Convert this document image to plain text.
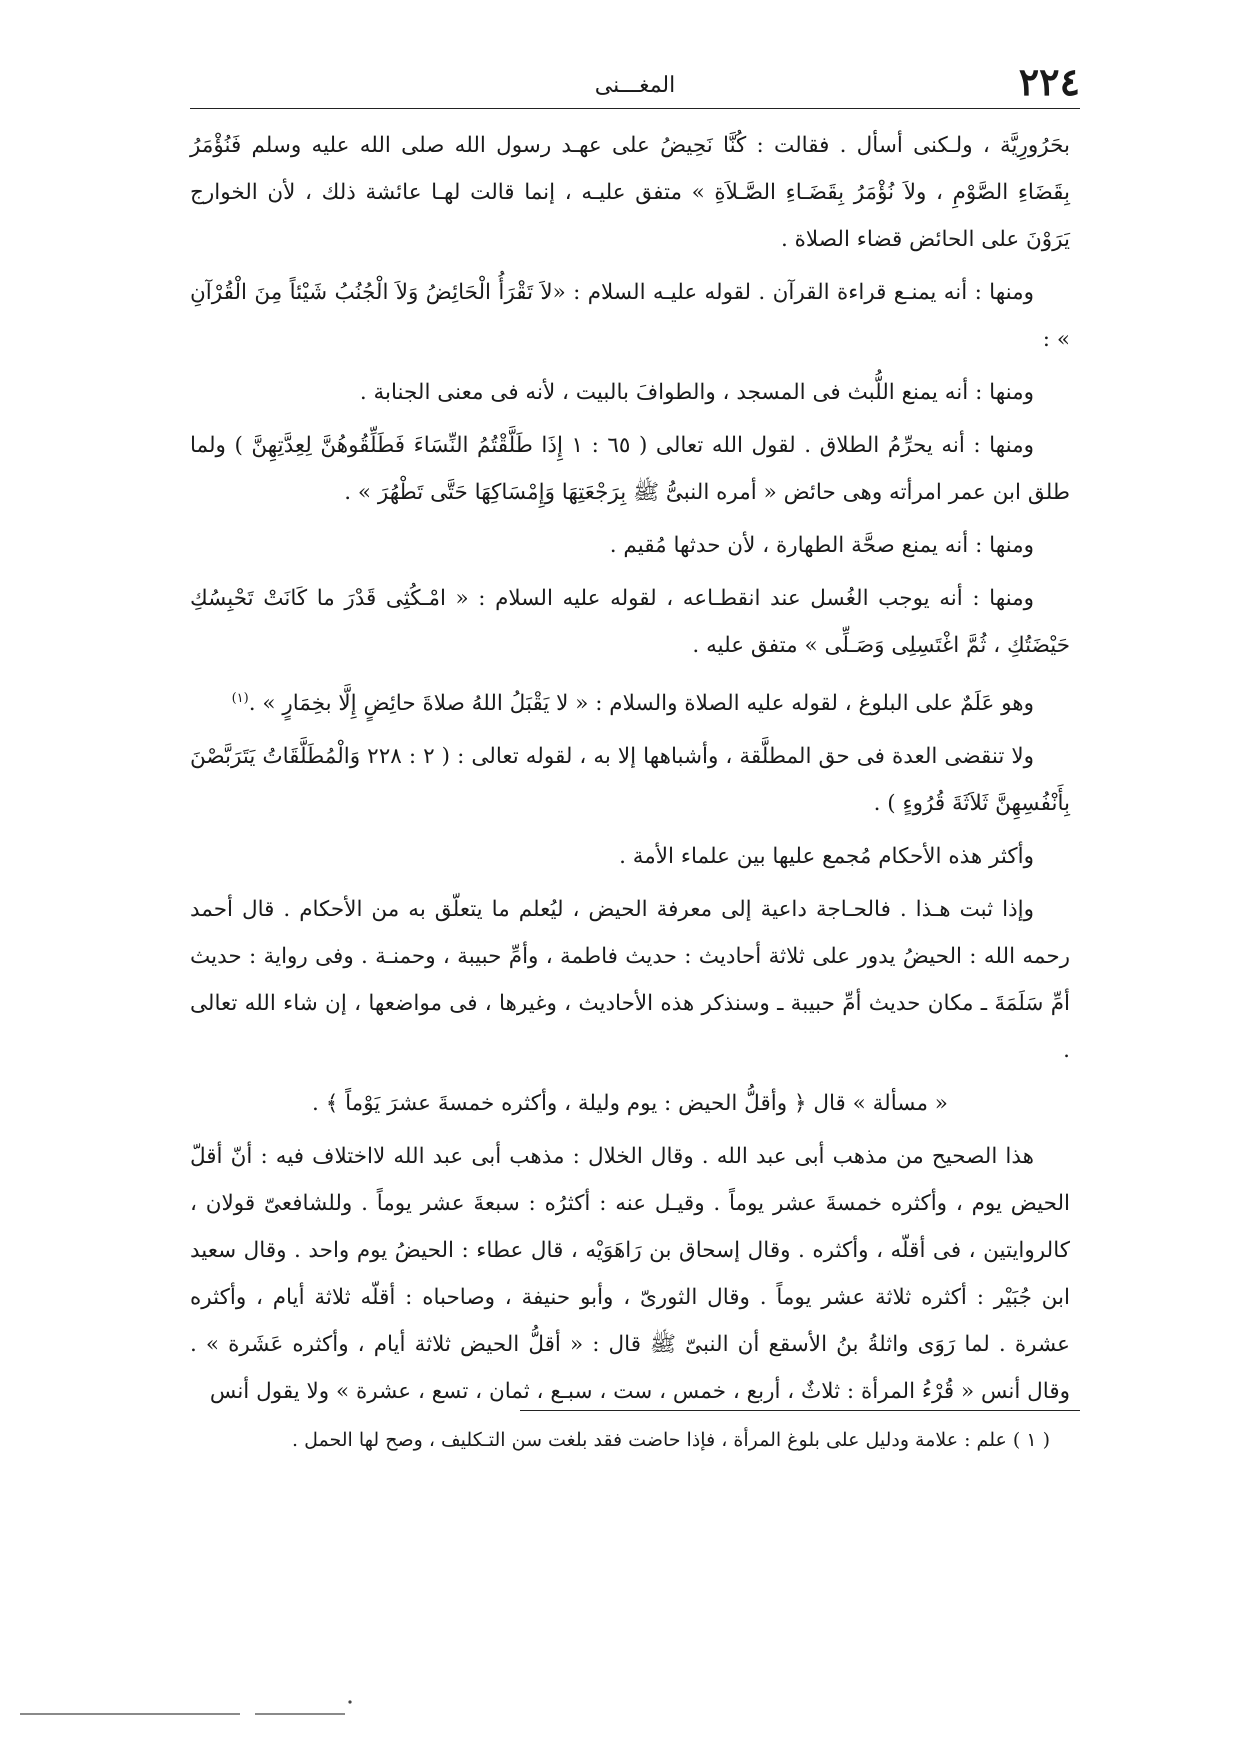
٢٢٤
المغـــنى

بحَرُورِيَّة ، ولـكنى أسأل . فقالت : كُنَّا نَحِيضُ على عهـد رسول الله صلى الله عليه وسلم فَنُؤْمَرُ بِقَضَاءِ الصَّوْمِ ، ولاَ نُؤْمَرُ بِقَضَـاءِ الصَّـلاَةِ » متفق عليـه ، إنما قالت لهـا عائشة ذلك ، لأن الخوارج يَرَوْنَ على الحائض قضاء الصلاة .

ومنها : أنه يمنـع قراءة القرآن . لقوله عليـه السلام : «لاَ تَقْرَأُ الْحَائِضُ وَلاَ الْجُنُبُ شَيْئاً مِنَ الْقُرْآنِ » :

ومنها : أنه يمنع اللُّبث فى المسجد ، والطوافَ بالبيت ، لأنه فى معنى الجنابة .

ومنها : أنه يحرِّمُ الطلاق . لقول الله تعالى ( ٦٥ : ١ إِذَا طَلَّقْتُمُ النِّسَاءَ فَطَلِّقُوهُنَّ لِعِدَّتِهِنَّ ) ولما طلق ابن عمر امرأته وهى حائض « أمره النبىُّ ﷺ بِرَجْعَتِهَا وَإِمْسَاكِهَا حَتَّى تَطْهُرَ » .

ومنها : أنه يمنع صحَّة الطهارة ، لأن حدثها مُقيم .

ومنها : أنه يوجب الغُسل عند انقطـاعه ، لقوله عليه السلام : « امْـكُثِى قَدْرَ ما كَانَتْ تَحْبِسُكِ حَيْضَتُكِ ، ثُمَّ اغْتَسِلِى وَصَـلِّى » متفق عليه .

وهو عَلَمٌ على البلوغ ، لقوله عليه الصلاة والسلام : « لا يَقْبَلُ اللهُ صلاةَ حائِضٍ إِلَّا بخِمَارٍ » .$^{(١)}$

ولا تنقضى العدة فى حق المطلَّقة ، وأشباهها إلا به ، لقوله تعالى : ( ٢ : ٢٢٨ وَالْمُطَلَّقَاتُ يَتَرَبَّصْنَ بِأَنْفُسِهِنَّ ثَلاَثَةَ قُرُوءٍ ) .

وأكثر هذه الأحكام مُجمع عليها بين علماء الأمة .

وإذا ثبت هـذا . فالحـاجة داعية إلى معرفة الحيض ، ليُعلم ما يتعلّق به من الأحكام . قال أحمد رحمه الله : الحيضُ يدور على ثلاثة أحاديث : حديث فاطمة ، وأمِّ حبيبة ، وحمنـة . وفى رواية : حديث أمِّ سَلَمَةَ ـ مكان حديث أمِّ حبيبة ـ وسنذكر هذه الأحاديث ، وغيرها ، فى مواضعها ، إن شاء الله تعالى .

« مسألة » قال ﴿ وأقلُّ الحيض : يوم وليلة ، وأكثره خمسةَ عشرَ يَوْماً ﴾ .

هذا الصحيح من مذهب أبى عبد الله . وقال الخلال : مذهب أبى عبد الله لااختلاف فيه : أنّ أقلّ الحيض يوم ، وأكثره خمسةَ عشر يوماً . وقيـل عنه : أكثرُه : سبعةَ عشر يوماً . وللشافعىّ قولان ، كالروايتين ، فى أقلّه ، وأكثره . وقال إسحاق بن رَاهَوَيْه ، قال عطاء : الحيضُ يوم واحد . وقال سعيد ابن جُبَيْر : أكثره ثلاثة عشر يوماً . وقال الثورىّ ، وأبو حنيفة ، وصاحباه : أقلّه ثلاثة أيام ، وأكثره عشرة . لما رَوَى واثلةُ بنُ الأسقع أن النبىّ ﷺ قال : « أقلُّ الحيض ثلاثة أيام ، وأكثره عَشَرة » . وقال أنس « قُرْءُ المرأة : ثلاثٌ ، أربع ، خمس ، ست ، سبـع ، ثمان ، تسع ، عشرة » ولا يقول أنس

( ١ ) علم : علامة ودليل على بلوغ المرأة ، فإذا حاضت فقد بلغت سن التـكليف ، وصح لها الحمل .
